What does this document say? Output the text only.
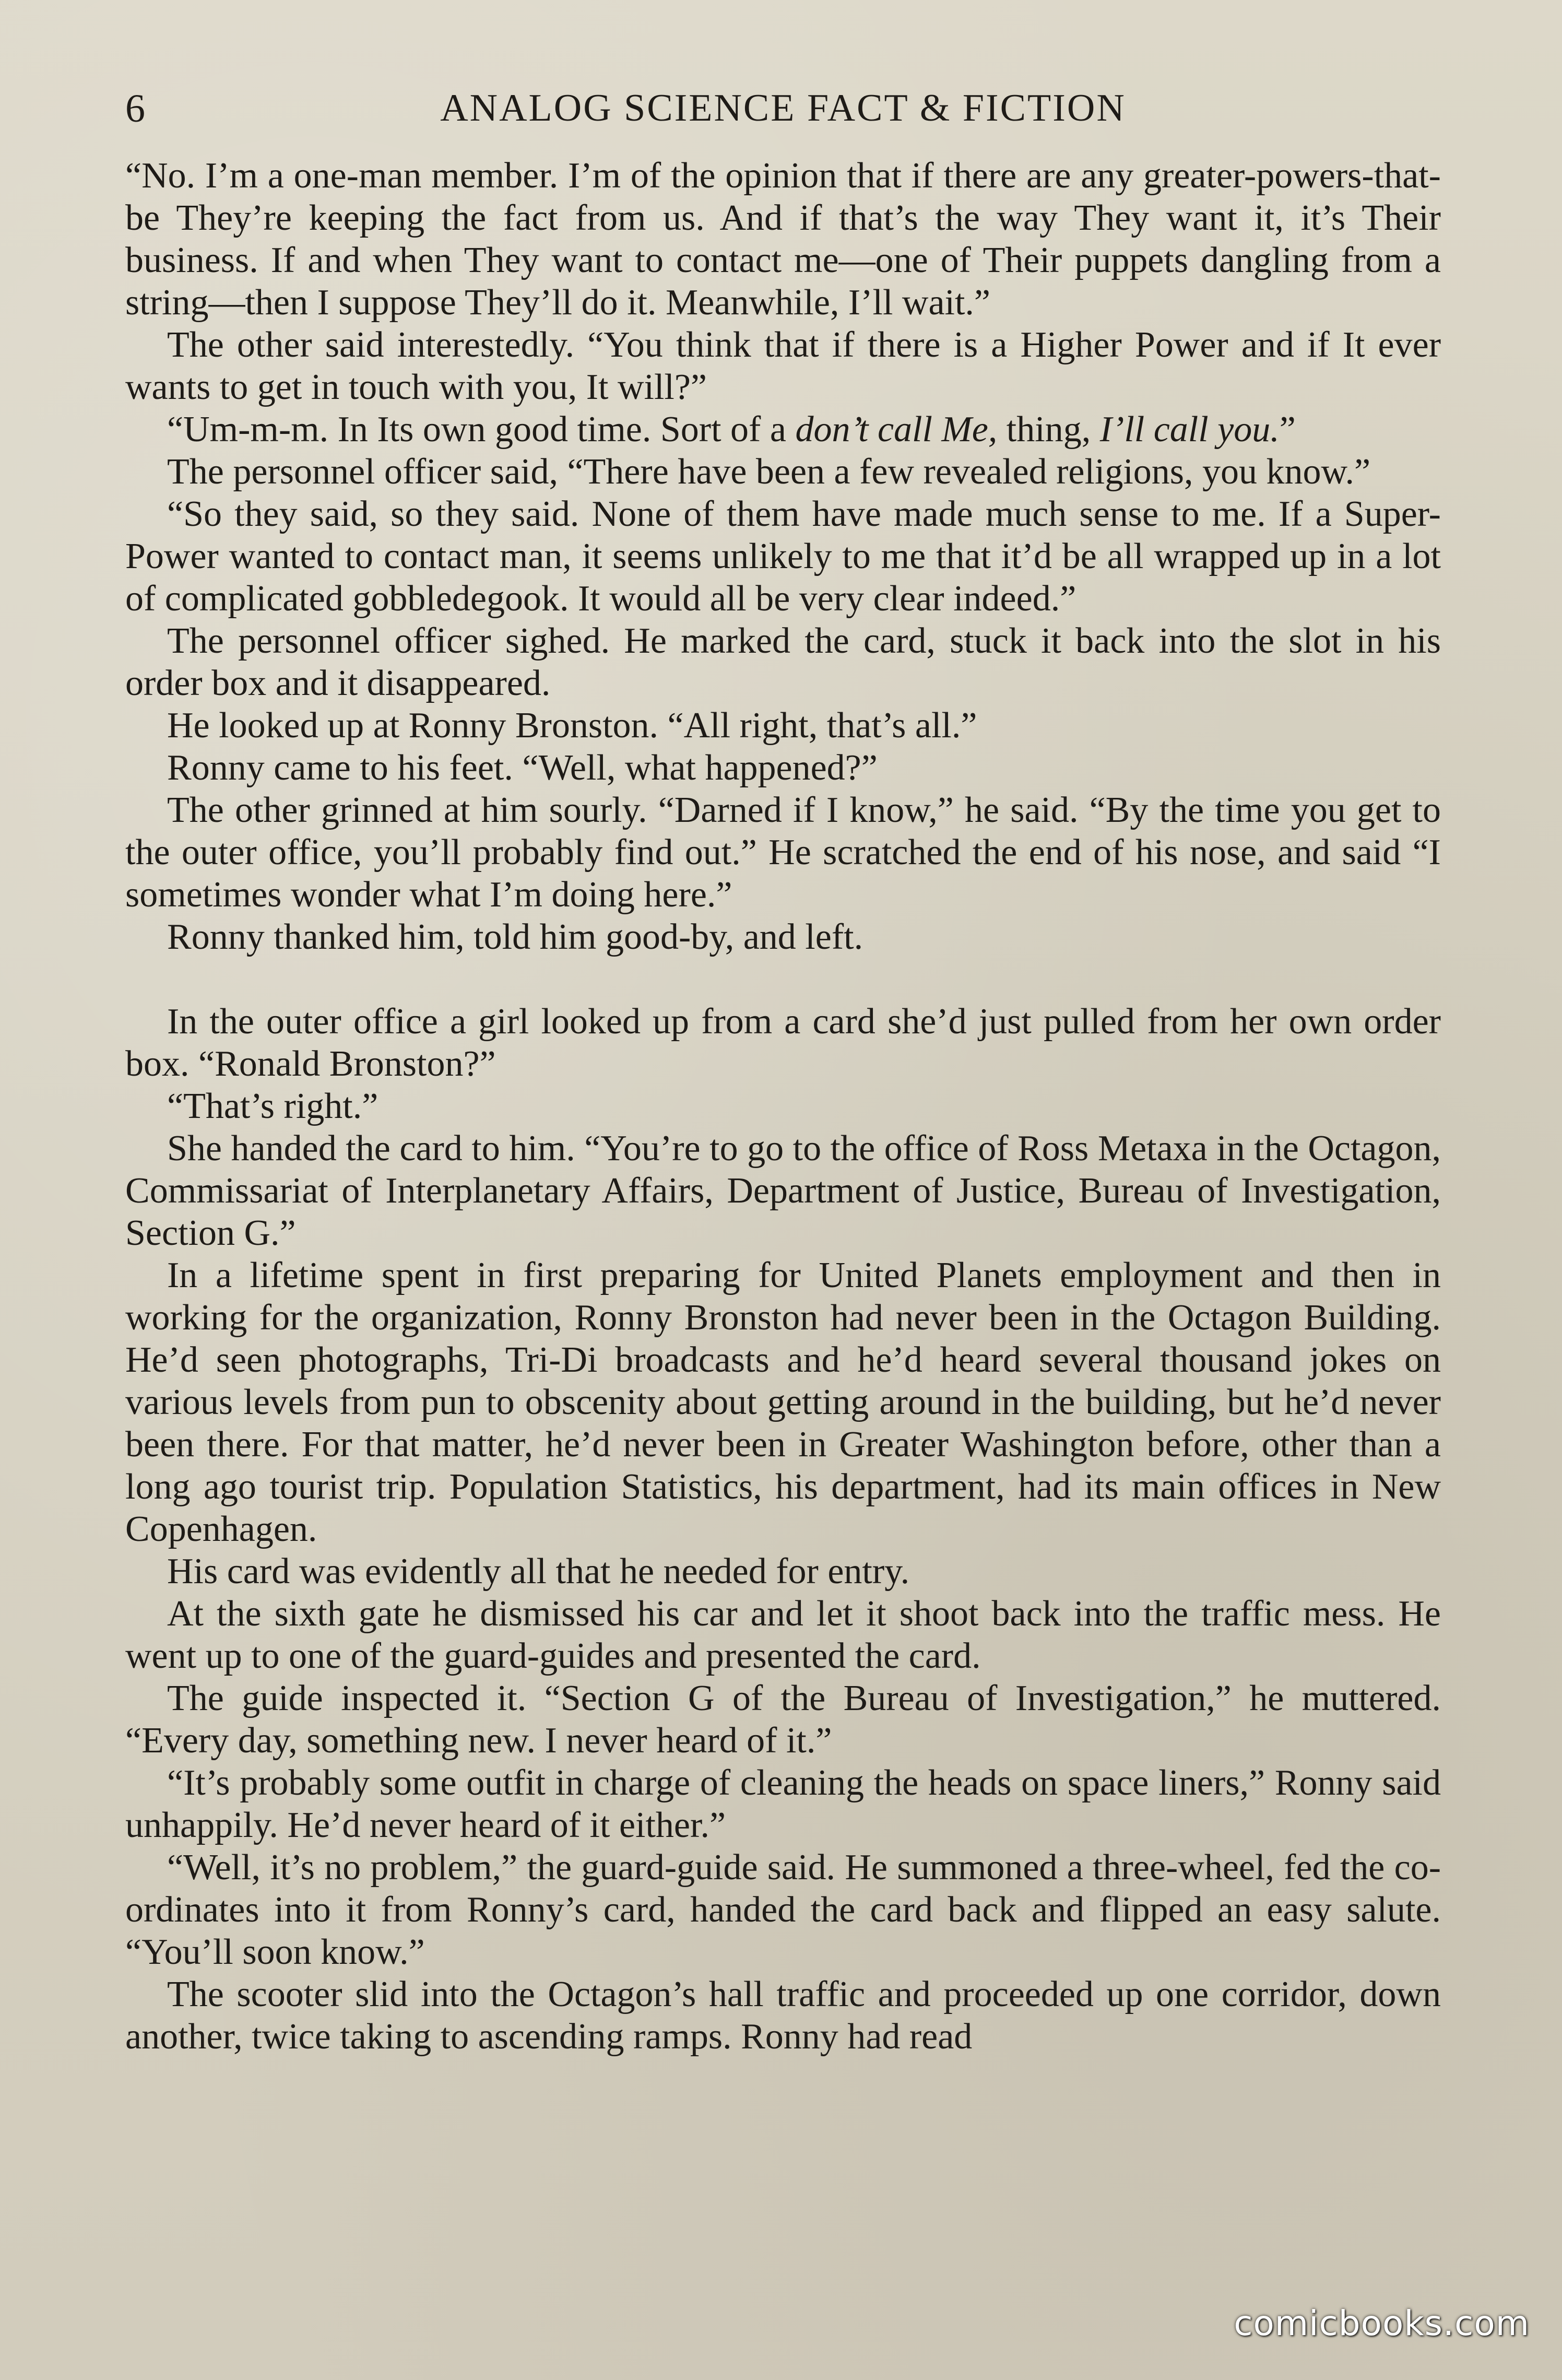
6	ANALOG SCIENCE FACT & FICTION

“No. I’m a one-man member. I’m of the opinion that if there are any greater-powers-that-be They’re keeping the fact from us. And if that’s the way They want it, it’s Their business. If and when They want to contact me—one of Their puppets dangling from a string—then I suppose They’ll do it. Meanwhile, I’ll wait.”

The other said interestedly. “You think that if there is a Higher Power and if It ever wants to get in touch with you, It will?”

“Um-m-m. In Its own good time. Sort of a don’t call Me, thing, I’ll call you.”

The personnel officer said, “There have been a few revealed religions, you know.”

“So they said, so they said. None of them have made much sense to me. If a Super-Power wanted to contact man, it seems unlikely to me that it’d be all wrapped up in a lot of complicated gobbledegook. It would all be very clear indeed.”

The personnel officer sighed. He marked the card, stuck it back into the slot in his order box and it disappeared.

He looked up at Ronny Bronston. “All right, that’s all.”

Ronny came to his feet. “Well, what happened?”

The other grinned at him sourly. “Darned if I know,” he said. “By the time you get to the outer office, you’ll probably find out.” He scratched the end of his nose, and said “I sometimes wonder what I’m doing here.”

Ronny thanked him, told him good-by, and left.

In the outer office a girl looked up from a card she’d just pulled from her own order box. “Ronald Bronston?”

“That’s right.”

She handed the card to him. “You’re to go to the office of Ross Metaxa in the Octagon, Commissariat of Interplanetary Affairs, Department of Justice, Bureau of Investigation, Section G.”

In a lifetime spent in first preparing for United Planets employment and then in working for the organization, Ronny Bronston had never been in the Octagon Building. He’d seen photographs, Tri-Di broadcasts and he’d heard several thousand jokes on various levels from pun to obscenity about getting around in the building, but he’d never been there. For that matter, he’d never been in Greater Washington before, other than a long ago tourist trip. Population Statistics, his department, had its main offices in New Copenhagen.

His card was evidently all that he needed for entry.

At the sixth gate he dismissed his car and let it shoot back into the traffic mess. He went up to one of the guard-guides and presented the card.

The guide inspected it. “Section G of the Bureau of Investigation,” he muttered. “Every day, something new. I never heard of it.”

“It’s probably some outfit in charge of cleaning the heads on space liners,” Ronny said unhappily. He’d never heard of it either.”

“Well, it’s no problem,” the guard-guide said. He summoned a three-wheel, fed the co-ordinates into it from Ronny’s card, handed the card back and flipped an easy salute. “You’ll soon know.”

The scooter slid into the Octagon’s hall traffic and proceeded up one corridor, down another, twice taking to ascending ramps. Ronny had read

comicbooks.com
